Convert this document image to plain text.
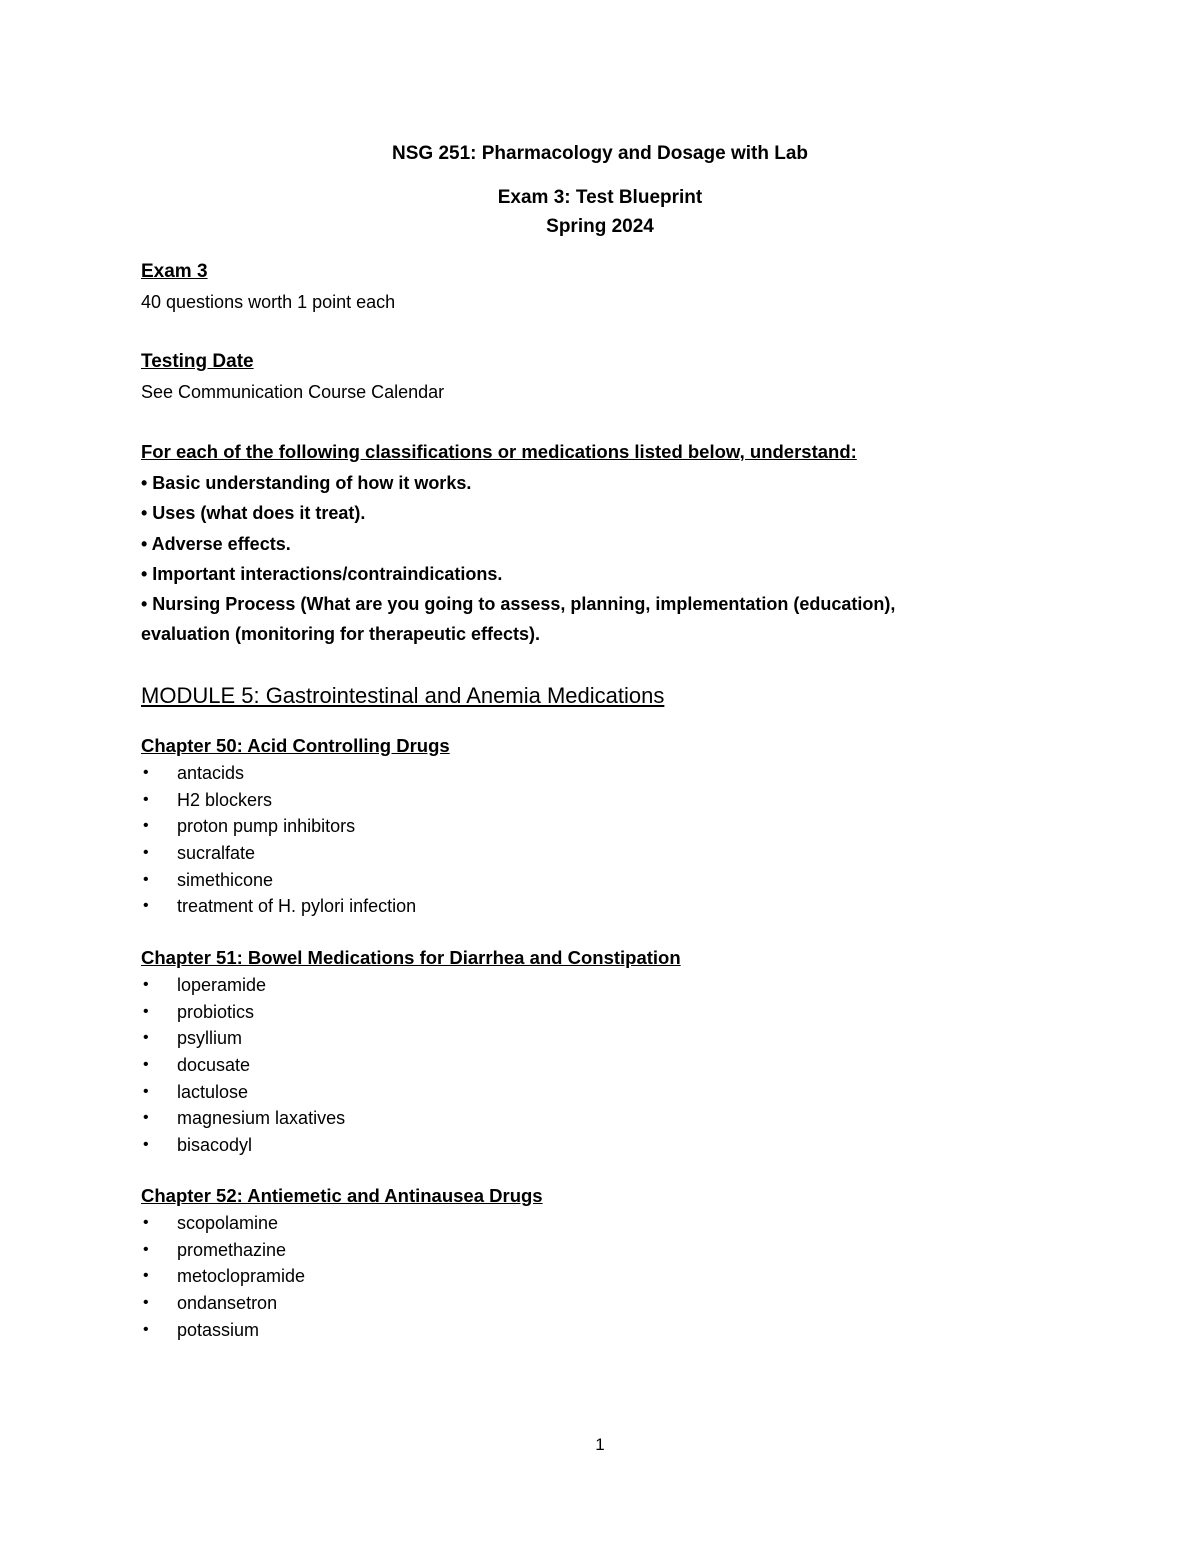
NSG 251: Pharmacology and Dosage with Lab
Exam 3: Test Blueprint
Spring 2024
Exam 3
40 questions worth 1 point each
Testing Date
See Communication Course Calendar
For each of the following classifications or medications listed below, understand:
• Basic understanding of how it works.
• Uses (what does it treat).
• Adverse effects.
• Important interactions/contraindications.
• Nursing Process (What are you going to assess, planning, implementation (education),
evaluation (monitoring for therapeutic effects).
MODULE 5: Gastrointestinal and Anemia Medications
Chapter 50: Acid Controlling Drugs
• antacids
• H2 blockers
• proton pump inhibitors
• sucralfate
• simethicone
• treatment of H. pylori infection
Chapter 51: Bowel Medications for Diarrhea and Constipation
• loperamide
• probiotics
• psyllium
• docusate
• lactulose
• magnesium laxatives
• bisacodyl
Chapter 52: Antiemetic and Antinausea Drugs
• scopolamine
• promethazine
• metoclopramide
• ondansetron
• potassium
1
